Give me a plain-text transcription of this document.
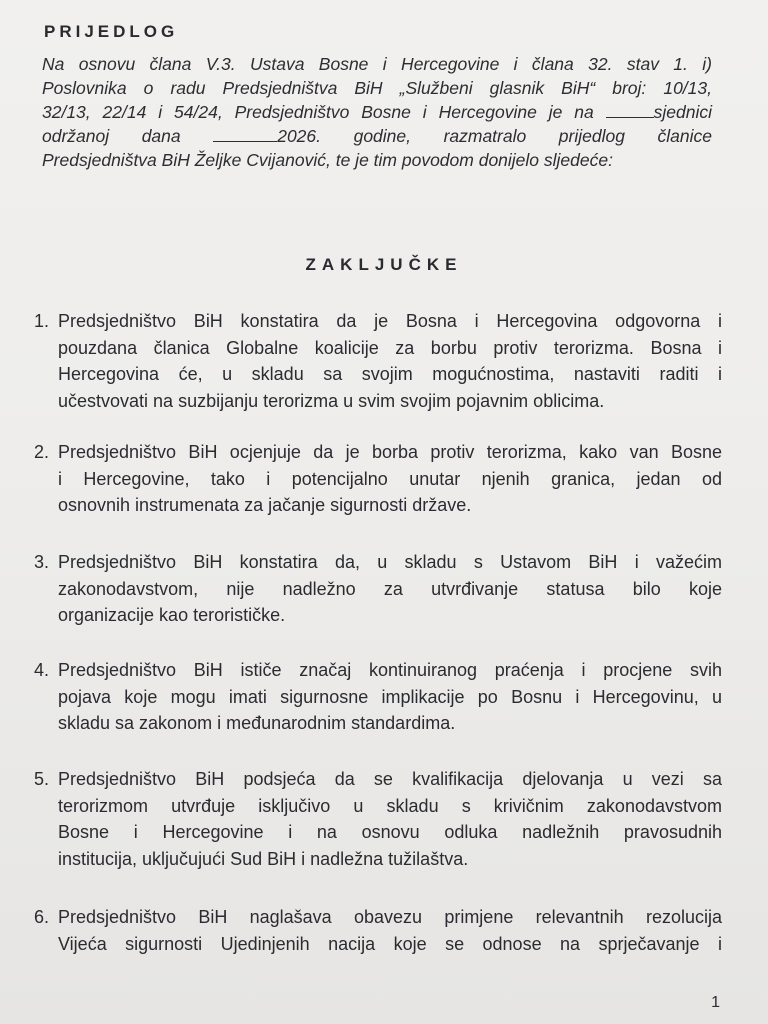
PRIJEDLOG
Na osnovu člana V.3. Ustava Bosne i Hercegovine i člana 32. stav 1. i)
Poslovnika o radu Predsjedništva BiH „Službeni glasnik BiH“ broj: 10/13,
32/13, 22/14 i 54/24, Predsjedništvo Bosne i Hercegovine je na	sjednici
održanoj dana	2026. godine, razmatralo prijedlog članice
Predsjedništva BiH Željke Cvijanović, te je tim povodom donijelo sljedeće:
ZAKLJUČKE
1. Predsjedništvo BiH konstatira da je Bosna i Hercegovina odgovorna i
pouzdana članica Globalne koalicije za borbu protiv terorizma. Bosna i
Hercegovina će, u skladu sa svojim mogućnostima, nastaviti raditi i
učestvovati na suzbijanju terorizma u svim svojim pojavnim oblicima.
2. Predsjedništvo BiH ocjenjuje da je borba protiv terorizma, kako van Bosne
i Hercegovine, tako i potencijalno unutar njenih granica, jedan od
osnovnih instrumenata za jačanje sigurnosti države.
3. Predsjedništvo BiH konstatira da, u skladu s Ustavom BiH i važećim
zakonodavstvom, nije nadležno za utvrđivanje statusa bilo koje
organizacije kao terorističke.
4. Predsjedništvo BiH ističe značaj kontinuiranog praćenja i procjene svih
pojava koje mogu imati sigurnosne implikacije po Bosnu i Hercegovinu, u
skladu sa zakonom i međunarodnim standardima.
5. Predsjedništvo BiH podsjeća da se kvalifikacija djelovanja u vezi sa
terorizmom utvrđuje isključivo u skladu s krivičnim zakonodavstvom
Bosne i Hercegovine i na osnovu odluka nadležnih pravosudnih
institucija, uključujući Sud BiH i nadležna tužilaštva.
6. Predsjedništvo BiH naglašava obavezu primjene relevantnih rezolucija
Vijeća sigurnosti Ujedinjenih nacija koje se odnose na sprječavanje i
1
